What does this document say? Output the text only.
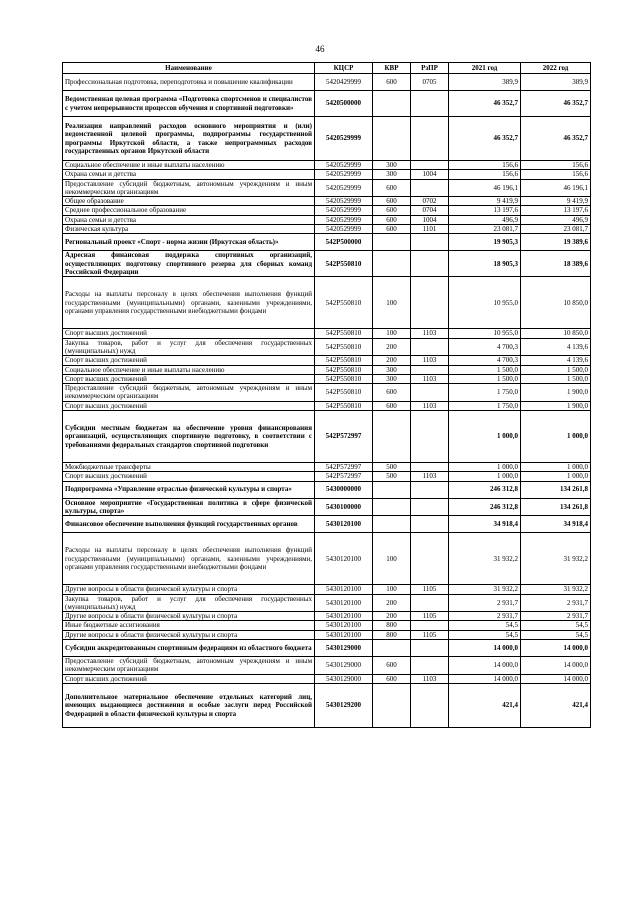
46
Наименование	КЦСР	КВР	РзПР	2021 год	2022 год
Профессиональная подготовка, переподготовка и повышение квалификации	5420429999	600	0705	389,9	389,9
Ведомственная целевая программа «Подготовка спортсменов и специалистов с учетом непрерывности процессов обучения и спортивной подготовки»	5420500000			46 352,7	46 352,7
Реализация направлений расходов основного мероприятия и (или) ведомственной целевой программы, подпрограммы государственной программы Иркутской области, а также непрограммных расходов государственных органов Иркутской области	5420529999			46 352,7	46 352,7
Социальное обеспечение и иные выплаты населению	5420529999	300		156,6	156,6
Охрана семьи и детства	5420529999	300	1004	156,6	156,6
Предоставление субсидий бюджетным, автономным учреждениям и иным некоммерческим организациям	5420529999	600		46 196,1	46 196,1
Общее образование	5420529999	600	0702	9 419,9	9 419,9
Среднее профессиональное образование	5420529999	600	0704	13 197,6	13 197,6
Охрана семьи и детства	5420529999	600	1004	496,9	496,9
Физическая культура	5420529999	600	1101	23 081,7	23 081,7
Региональный проект «Спорт - норма жизни (Иркутская область)»	542P500000			19 905,3	19 389,6
Адресная финансовая поддержка спортивных организаций, осуществляющих подготовку спортивного резерва для сборных команд Российской Федерации	542P550810			18 905,3	18 389,6
Расходы на выплаты персоналу в целях обеспечения выполнения функций государственными (муниципальными) органами, казенными учреждениями, органами управления государственными внебюджетными фондами	542P550810	100		10 955,0	10 850,0
Спорт высших достижений	542P550810	100	1103	10 955,0	10 850,0
Закупка товаров, работ и услуг для обеспечения государственных (муниципальных) нужд	542P550810	200		4 700,3	4 139,6
Спорт высших достижений	542P550810	200	1103	4 700,3	4 139,6
Социальное обеспечение и иные выплаты населению	542P550810	300		1 500,0	1 500,0
Спорт высших достижений	542P550810	300	1103	1 500,0	1 500,0
Предоставление субсидий бюджетным, автономным учреждениям и иным некоммерческим организациям	542P550810	600		1 750,0	1 900,0
Спорт высших достижений	542P550810	600	1103	1 750,0	1 900,0
Субсидии местным бюджетам на обеспечение уровня финансирования организаций, осуществляющих спортивную подготовку, в соответствии с требованиями федеральных стандартов спортивной подготовки	542P572997			1 000,0	1 000,0
Межбюджетные трансферты	542P572997	500		1 000,0	1 000,0
Спорт высших достижений	542P572997	500	1103	1 000,0	1 000,0
Подпрограмма «Управление отраслью физической культуры и спорта»	5430000000			246 312,8	134 261,8
Основное мероприятие «Государственная политика в сфере физической культуры, спорта»	5430100000			246 312,8	134 261,8
Финансовое обеспечение выполнения функций государственных органов	5430120100			34 918,4	34 918,4
Расходы на выплаты персоналу в целях обеспечения выполнения функций государственными (муниципальными) органами, казенными учреждениями, органами управления государственными внебюджетными фондами	5430120100	100		31 932,2	31 932,2
Другие вопросы в области физической культуры и спорта	5430120100	100	1105	31 932,2	31 932,2
Закупка товаров, работ и услуг для обеспечения государственных (муниципальных) нужд	5430120100	200		2 931,7	2 931,7
Другие вопросы в области физической культуры и спорта	5430120100	200	1105	2 931,7	2 931,7
Иные бюджетные ассигнования	5430120100	800		54,5	54,5
Другие вопросы в области физической культуры и спорта	5430120100	800	1105	54,5	54,5
Субсидии аккредитованным спортивным федерациям из областного бюджета	5430129000			14 000,0	14 000,0
Предоставление субсидий бюджетным, автономным учреждениям и иным некоммерческим организациям	5430129000	600		14 000,0	14 000,0
Спорт высших достижений	5430129000	600	1103	14 000,0	14 000,0
Дополнительное материальное обеспечение отдельных категорий лиц, имеющих выдающиеся достижения и особые заслуги перед Российской Федерацией в области физической культуры и спорта	5430129200			421,4	421,4
